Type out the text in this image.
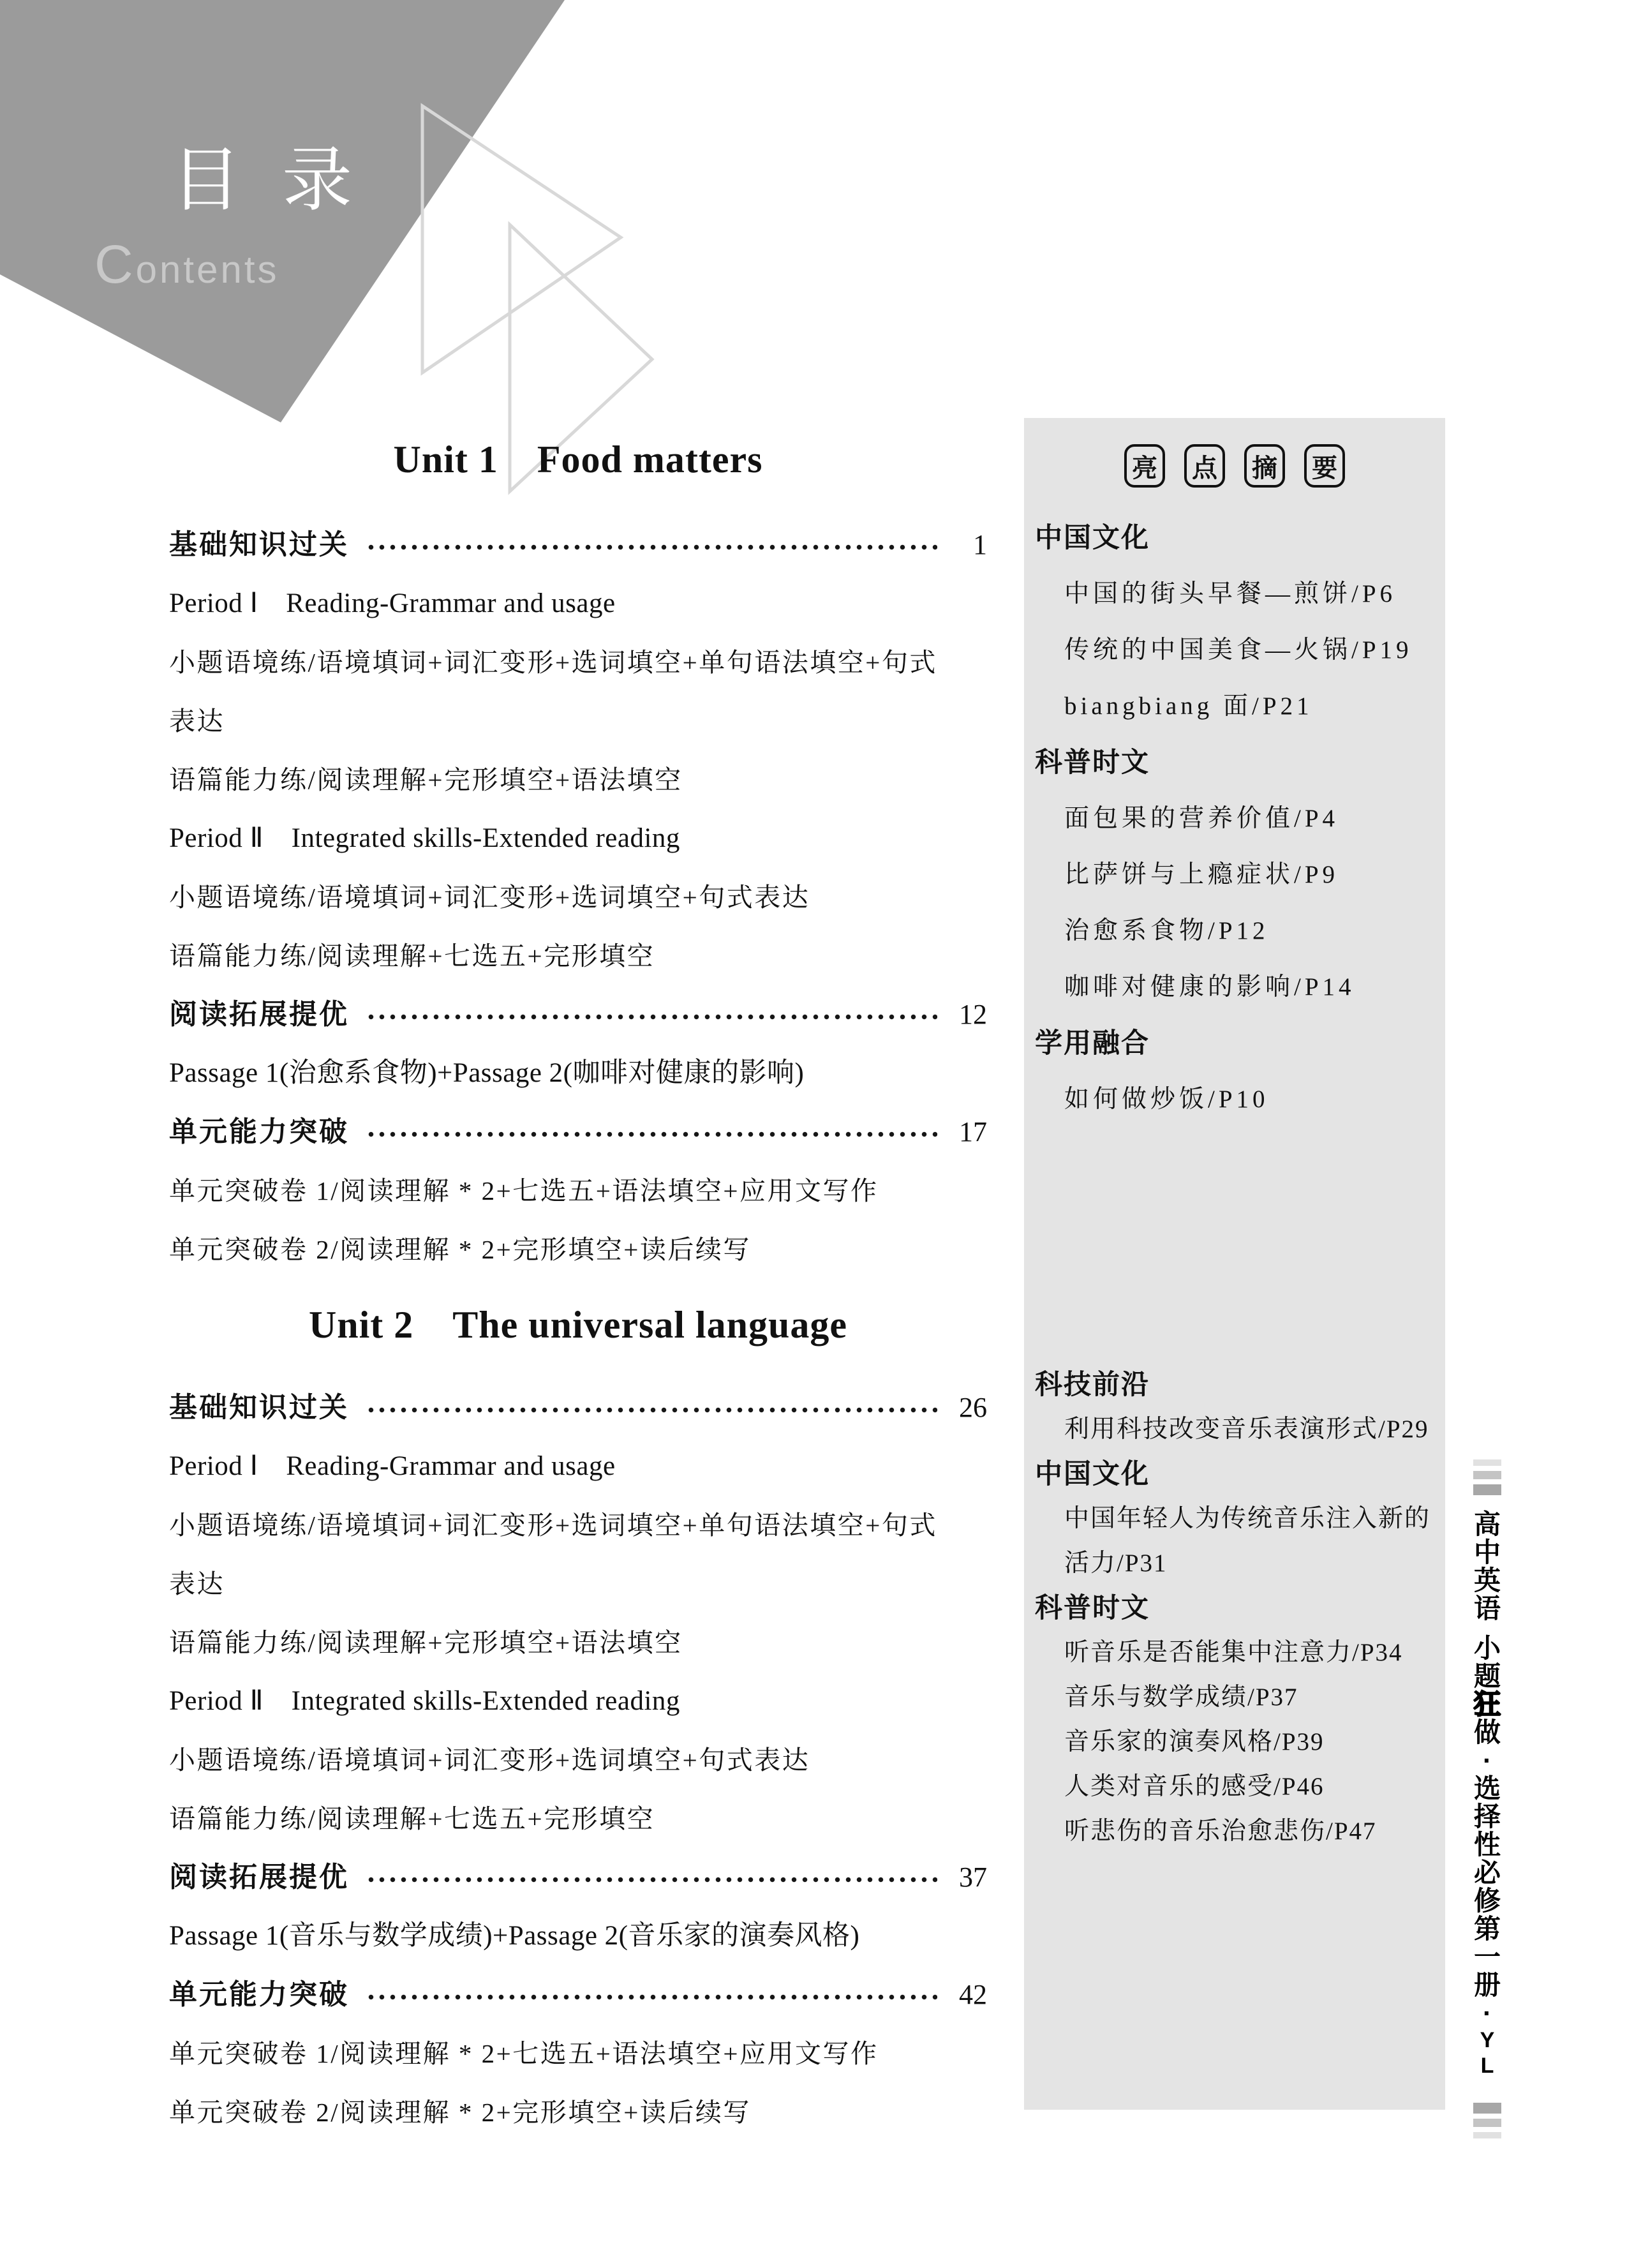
目录
Contents
Unit 1　Food matters
基础知识过关	1
Period Ⅰ　Reading-Grammar and usage
小题语境练/语境填词+词汇变形+选词填空+单句语法填空+句式
表达
语篇能力练/阅读理解+完形填空+语法填空
Period Ⅱ　Integrated skills-Extended reading
小题语境练/语境填词+词汇变形+选词填空+句式表达
语篇能力练/阅读理解+七选五+完形填空
阅读拓展提优	12
Passage 1(治愈系食物)+Passage 2(咖啡对健康的影响)
单元能力突破	17
单元突破卷 1/阅读理解 * 2+七选五+语法填空+应用文写作
单元突破卷 2/阅读理解 * 2+完形填空+读后续写
Unit 2　The universal language
基础知识过关	26
Period Ⅰ　Reading-Grammar and usage
小题语境练/语境填词+词汇变形+选词填空+单句语法填空+句式
表达
语篇能力练/阅读理解+完形填空+语法填空
Period Ⅱ　Integrated skills-Extended reading
小题语境练/语境填词+词汇变形+选词填空+句式表达
语篇能力练/阅读理解+七选五+完形填空
阅读拓展提优	37
Passage 1(音乐与数学成绩)+Passage 2(音乐家的演奏风格)
单元能力突破	42
单元突破卷 1/阅读理解 * 2+七选五+语法填空+应用文写作
单元突破卷 2/阅读理解 * 2+完形填空+读后续写
亮	点	摘	要
中国文化
中国的街头早餐—煎饼/P6
传统的中国美食—火锅/P19
biangbiang 面/P21
科普时文
面包果的营养价值/P4
比萨饼与上瘾症状/P9
治愈系食物/P12
咖啡对健康的影响/P14
学用融合
如何做炒饭/P10
科技前沿
利用科技改变音乐表演形式/P29
中国文化
中国年轻人为传统音乐注入新的
活力/P31
科普时文
听音乐是否能集中注意力/P34
音乐与数学成绩/P37
音乐家的演奏风格/P39
人类对音乐的感受/P46
听悲伤的音乐治愈悲伤/P47
高中英语
小题
狂
做
·选择性必修第一册·
YL
